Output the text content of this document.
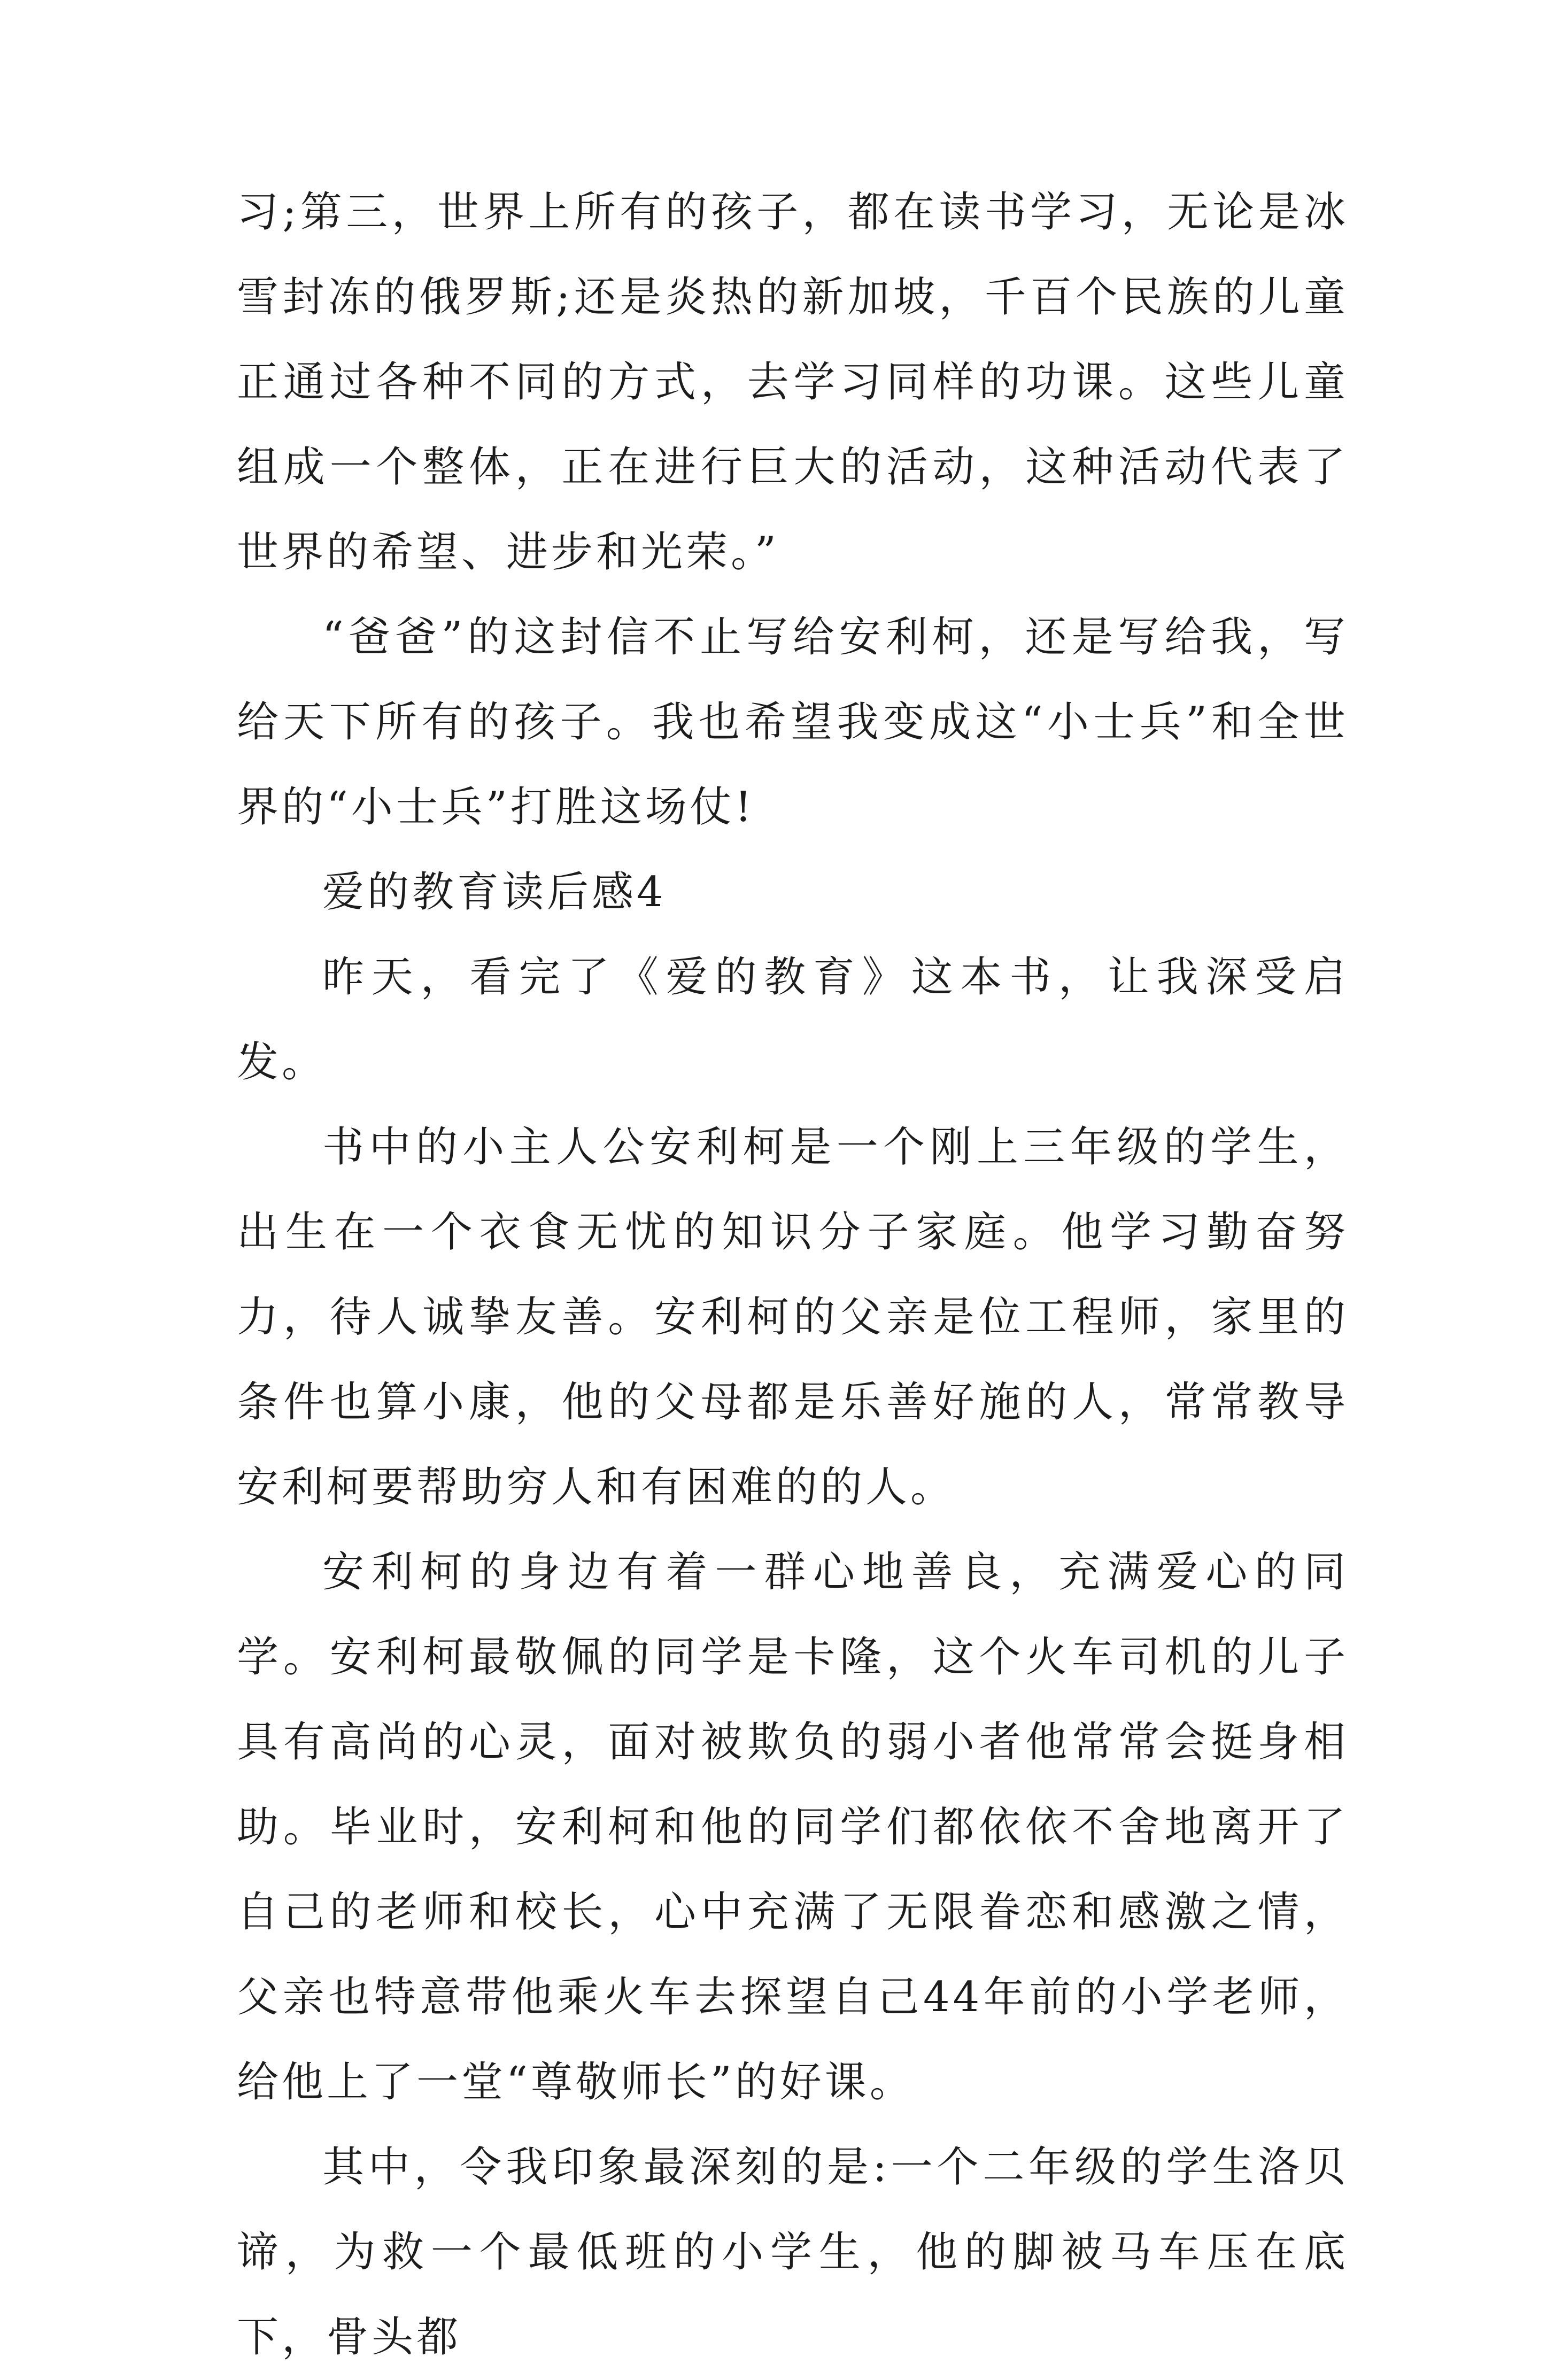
习;第三，世界上所有的孩子，都在读书学习，无论是冰雪封冻的俄罗斯;还是炎热的新加坡，千百个民族的儿童正通过各种不同的方式，去学习同样的功课。这些儿童组成一个整体，正在进行巨大的活动，这种活动代表了世界的希望、进步和光荣。”

“爸爸”的这封信不止写给安利柯，还是写给我，写给天下所有的孩子。我也希望我变成这“小士兵”和全世界的“小士兵”打胜这场仗!

爱的教育读后感4

昨天，看完了《爱的教育》这本书，让我深受启发。

书中的小主人公安利柯是一个刚上三年级的学生，出生在一个衣食无忧的知识分子家庭。他学习勤奋努力，待人诚挚友善。安利柯的父亲是位工程师，家里的条件也算小康，他的父母都是乐善好施的人，常常教导安利柯要帮助穷人和有困难的的人。

安利柯的身边有着一群心地善良，充满爱心的同学。安利柯最敬佩的同学是卡隆，这个火车司机的儿子具有高尚的心灵，面对被欺负的弱小者他常常会挺身相助。毕业时，安利柯和他的同学们都依依不舍地离开了自己的老师和校长，心中充满了无限眷恋和感激之情，父亲也特意带他乘火车去探望自己44年前的小学老师，给他上了一堂“尊敬师长”的好课。

其中，令我印象最深刻的是:一个二年级的学生洛贝谛，为救一个最低班的小学生，他的脚被马车压在底下，骨头都
